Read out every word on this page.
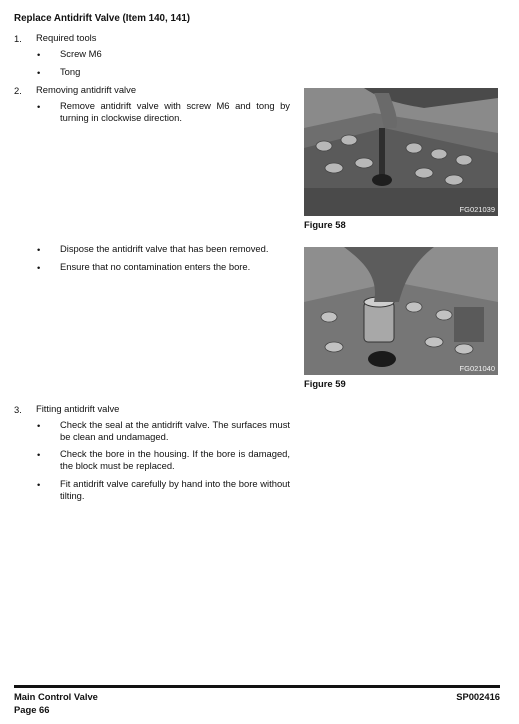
Replace Antidrift Valve (Item 140, 141)
1. Required tools
• Screw M6
• Tong
2. Removing antidrift valve
• Remove antidrift valve with screw M6 and tong by turning in clockwise direction.
• Dispose the antidrift valve that has been removed.
• Ensure that no contamination enters the bore.
FG021039
Figure 58
FG021040
Figure 59
3. Fitting antidrift valve
• Check the seal at the antidrift valve. The surfaces must be clean and undamaged.
• Check the bore in the housing. If the bore is damaged, the block must be replaced.
• Fit antidrift valve carefully by hand into the bore without tilting.
Main Control Valve
Page 66
SP002416
